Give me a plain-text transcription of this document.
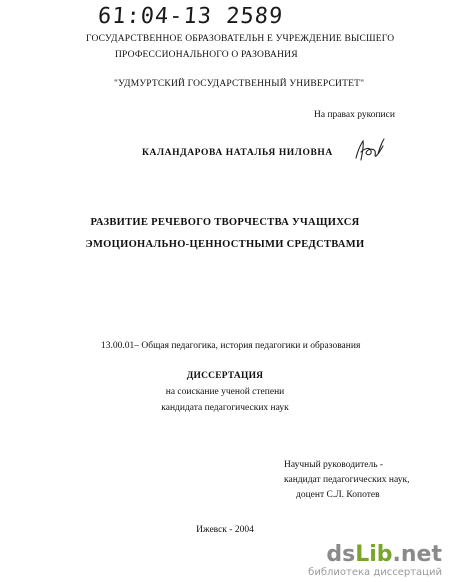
61:04-13 2589
ГОСУДАРСТВЕННОЕ ОБРАЗОВАТЕЛЬН Е УЧРЕЖДЕНИЕ ВЫСШЕГО
ПРОФЕССИОНАЛЬНОГО О РАЗОВАНИЯ
"УДМУРТСКИЙ ГОСУДАРСТВЕННЫЙ УНИВЕРСИТЕТ"
На правах рукописи
КАЛАНДАРОВА НАТАЛЬЯ НИЛОВНА
РАЗВИТИЕ РЕЧЕВОГО ТВОРЧЕСТВА УЧАЩИХСЯ
ЭМОЦИОНАЛЬНО-ЦЕННОСТНЫМИ СРЕДСТВАМИ
13.00.01– Общая педагогика, история педагогики и образования
ДИССЕРТАЦИЯ
на соискание ученой степени
кандидата педагогических наук
Научный руководитель -
кандидат педагогических наук,
доцент С.Л. Копотев
Ижевск - 2004
dsLib.net
библиотека диссертаций
